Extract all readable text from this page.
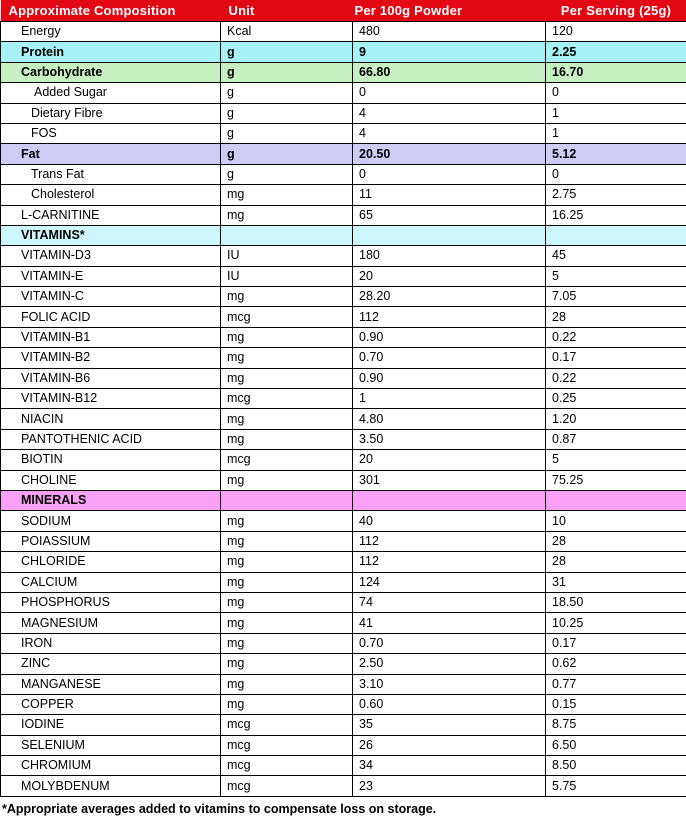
Approximate Composition	Unit	Per 100g Powder	Per Serving (25g)
Energy	Kcal	480	120
Protein	g	9	2.25
Carbohydrate	g	66.80	16.70
Added Sugar	g	0	0
Dietary Fibre	g	4	1
FOS	g	4	1
Fat	g	20.50	5.12
Trans Fat	g	0	0
Cholesterol	mg	11	2.75
L-CARNITINE	mg	65	16.25
VITAMINS*			
VITAMIN-D3	IU	180	45
VITAMIN-E	IU	20	5
VITAMIN-C	mg	28.20	7.05
FOLIC ACID	mcg	112	28
VITAMIN-B1	mg	0.90	0.22
VITAMIN-B2	mg	0.70	0.17
VITAMIN-B6	mg	0.90	0.22
VITAMIN-B12	mcg	1	0.25
NIACIN	mg	4.80	1.20
PANTOTHENIC ACID	mg	3.50	0.87
BIOTIN	mcg	20	5
CHOLINE	mg	301	75.25
MINERALS			
SODIUM	mg	40	10
POIASSIUM	mg	112	28
CHLORIDE	mg	112	28
CALCIUM	mg	124	31
PHOSPHORUS	mg	74	18.50
MAGNESIUM	mg	41	10.25
IRON	mg	0.70	0.17
ZINC	mg	2.50	0.62
MANGANESE	mg	3.10	0.77
COPPER	mg	0.60	0.15
IODINE	mcg	35	8.75
SELENIUM	mcg	26	6.50
CHROMIUM	mcg	34	8.50
MOLYBDENUM	mcg	23	5.75
*Appropriate averages added to vitamins to compensate loss on storage.
